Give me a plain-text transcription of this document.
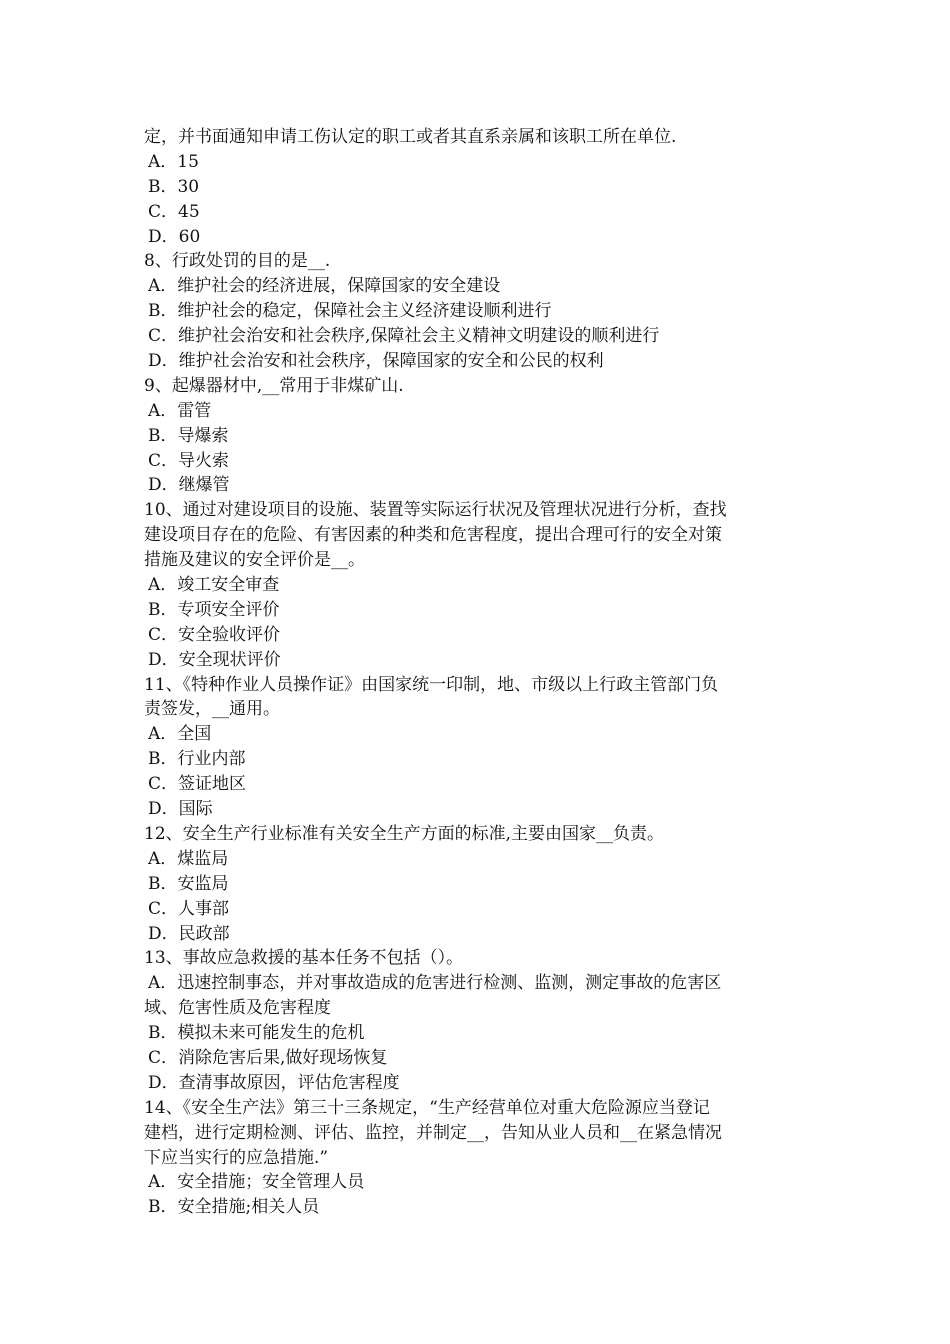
定，并书面通知申请工伤认定的职工或者其直系亲属和该职工所在单位.
A．15
B．30
C．45
D．60
8、行政处罚的目的是__.
A．维护社会的经济进展，保障国家的安全建设
B．维护社会的稳定，保障社会主义经济建设顺利进行
C．维护社会治安和社会秩序,保障社会主义精神文明建设的顺利进行
D．维护社会治安和社会秩序，保障国家的安全和公民的权利
9、起爆器材中,__常用于非煤矿山.
A．雷管
B．导爆索
C．导火索
D．继爆管
10、通过对建设项目的设施、装置等实际运行状况及管理状况进行分析，查找
建设项目存在的危险、有害因素的种类和危害程度，提出合理可行的安全对策
措施及建议的安全评价是__。
A．竣工安全审查
B．专项安全评价
C．安全验收评价
D．安全现状评价
11、《特种作业人员操作证》由国家统一印制，地、市级以上行政主管部门负
责签发，__通用。
A．全国
B．行业内部
C．签证地区
D．国际
12、安全生产行业标准有关安全生产方面的标准,主要由国家__负责。
A．煤监局
B．安监局
C．人事部
D．民政部
13、事故应急救援的基本任务不包括（）。
A．迅速控制事态，并对事故造成的危害进行检测、监测，测定事故的危害区
域、危害性质及危害程度
B．模拟未来可能发生的危机
C．消除危害后果,做好现场恢复
D．查清事故原因，评估危害程度
14、《安全生产法》第三十三条规定，“生产经营单位对重大危险源应当登记
建档，进行定期检测、评估、监控，并制定__，告知从业人员和__在紧急情况
下应当实行的应急措施.”
A．安全措施；安全管理人员
B．安全措施;相关人员
